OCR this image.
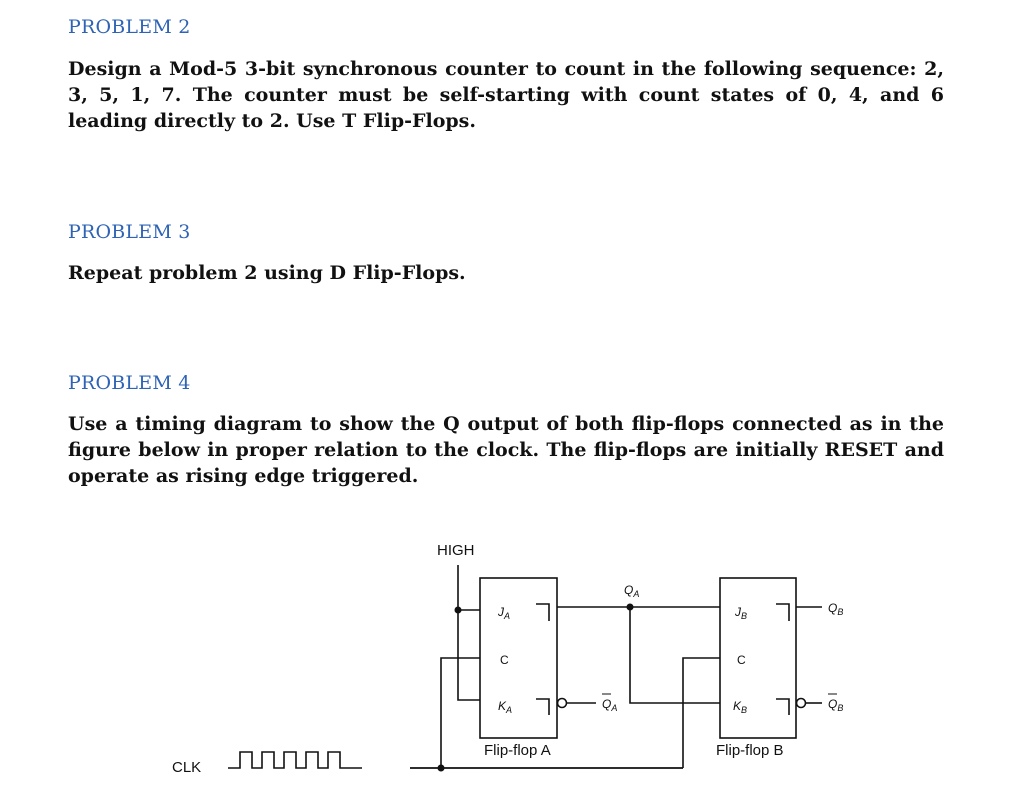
PROBLEM 2

Design a Mod-5 3-bit synchronous counter to count in the following sequence: 2, 3, 5, 1, 7. The counter must be self-starting with count states of 0, 4, and 6 leading directly to 2. Use T Flip-Flops.

PROBLEM 3

Repeat problem 2 using D Flip-Flops.

PROBLEM 4

Use a timing diagram to show the Q output of both flip-flops connected as in the figure below in proper relation to the clock. The flip-flops are initially RESET and operate as rising edge triggered.

HIGH
CLK
$J_A$
C
$K_A$
Flip-flop A
$J_B$
C
$K_B$
Flip-flop B
$Q_A$
$Q_A$
$Q_B$
$Q_B$
